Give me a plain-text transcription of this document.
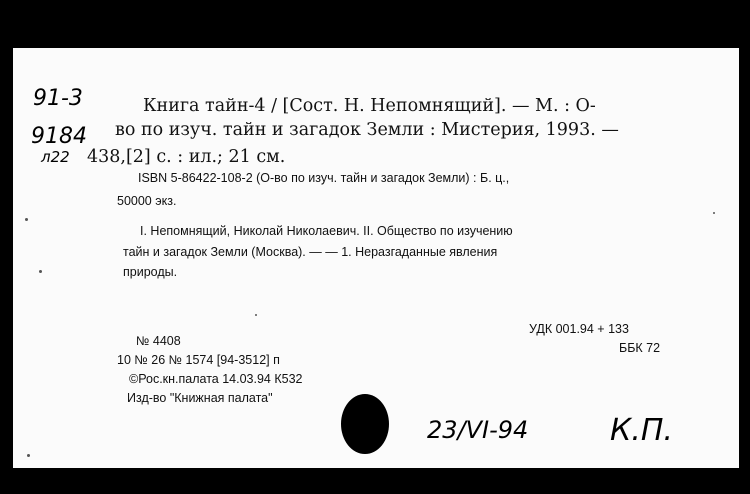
91-3
9184
л22
Книга тайн-4 / [Сост. Н. Непомнящий]. — М. : О-
во по изуч. тайн и загадок Земли : Мистерия, 1993. —
438,[2] с. : ил.; 21 см.
ISBN 5-86422-108-2 (О-во по изуч. тайн и загадок Земли) : Б. ц.,
50000 экз.
I. Непомнящий, Николай Николаевич. II. Общество по изучению
тайн и загадок Земли (Москва). — — 1. Неразгаданные явления
природы.
№ 4408
10 № 26 № 1574 [94-3512] п
©Рос.кн.палата 14.03.94 К532
Изд-во "Книжная палата"
УДК 001.94 + 133
ББК 72
23/VI-94	К.П.
